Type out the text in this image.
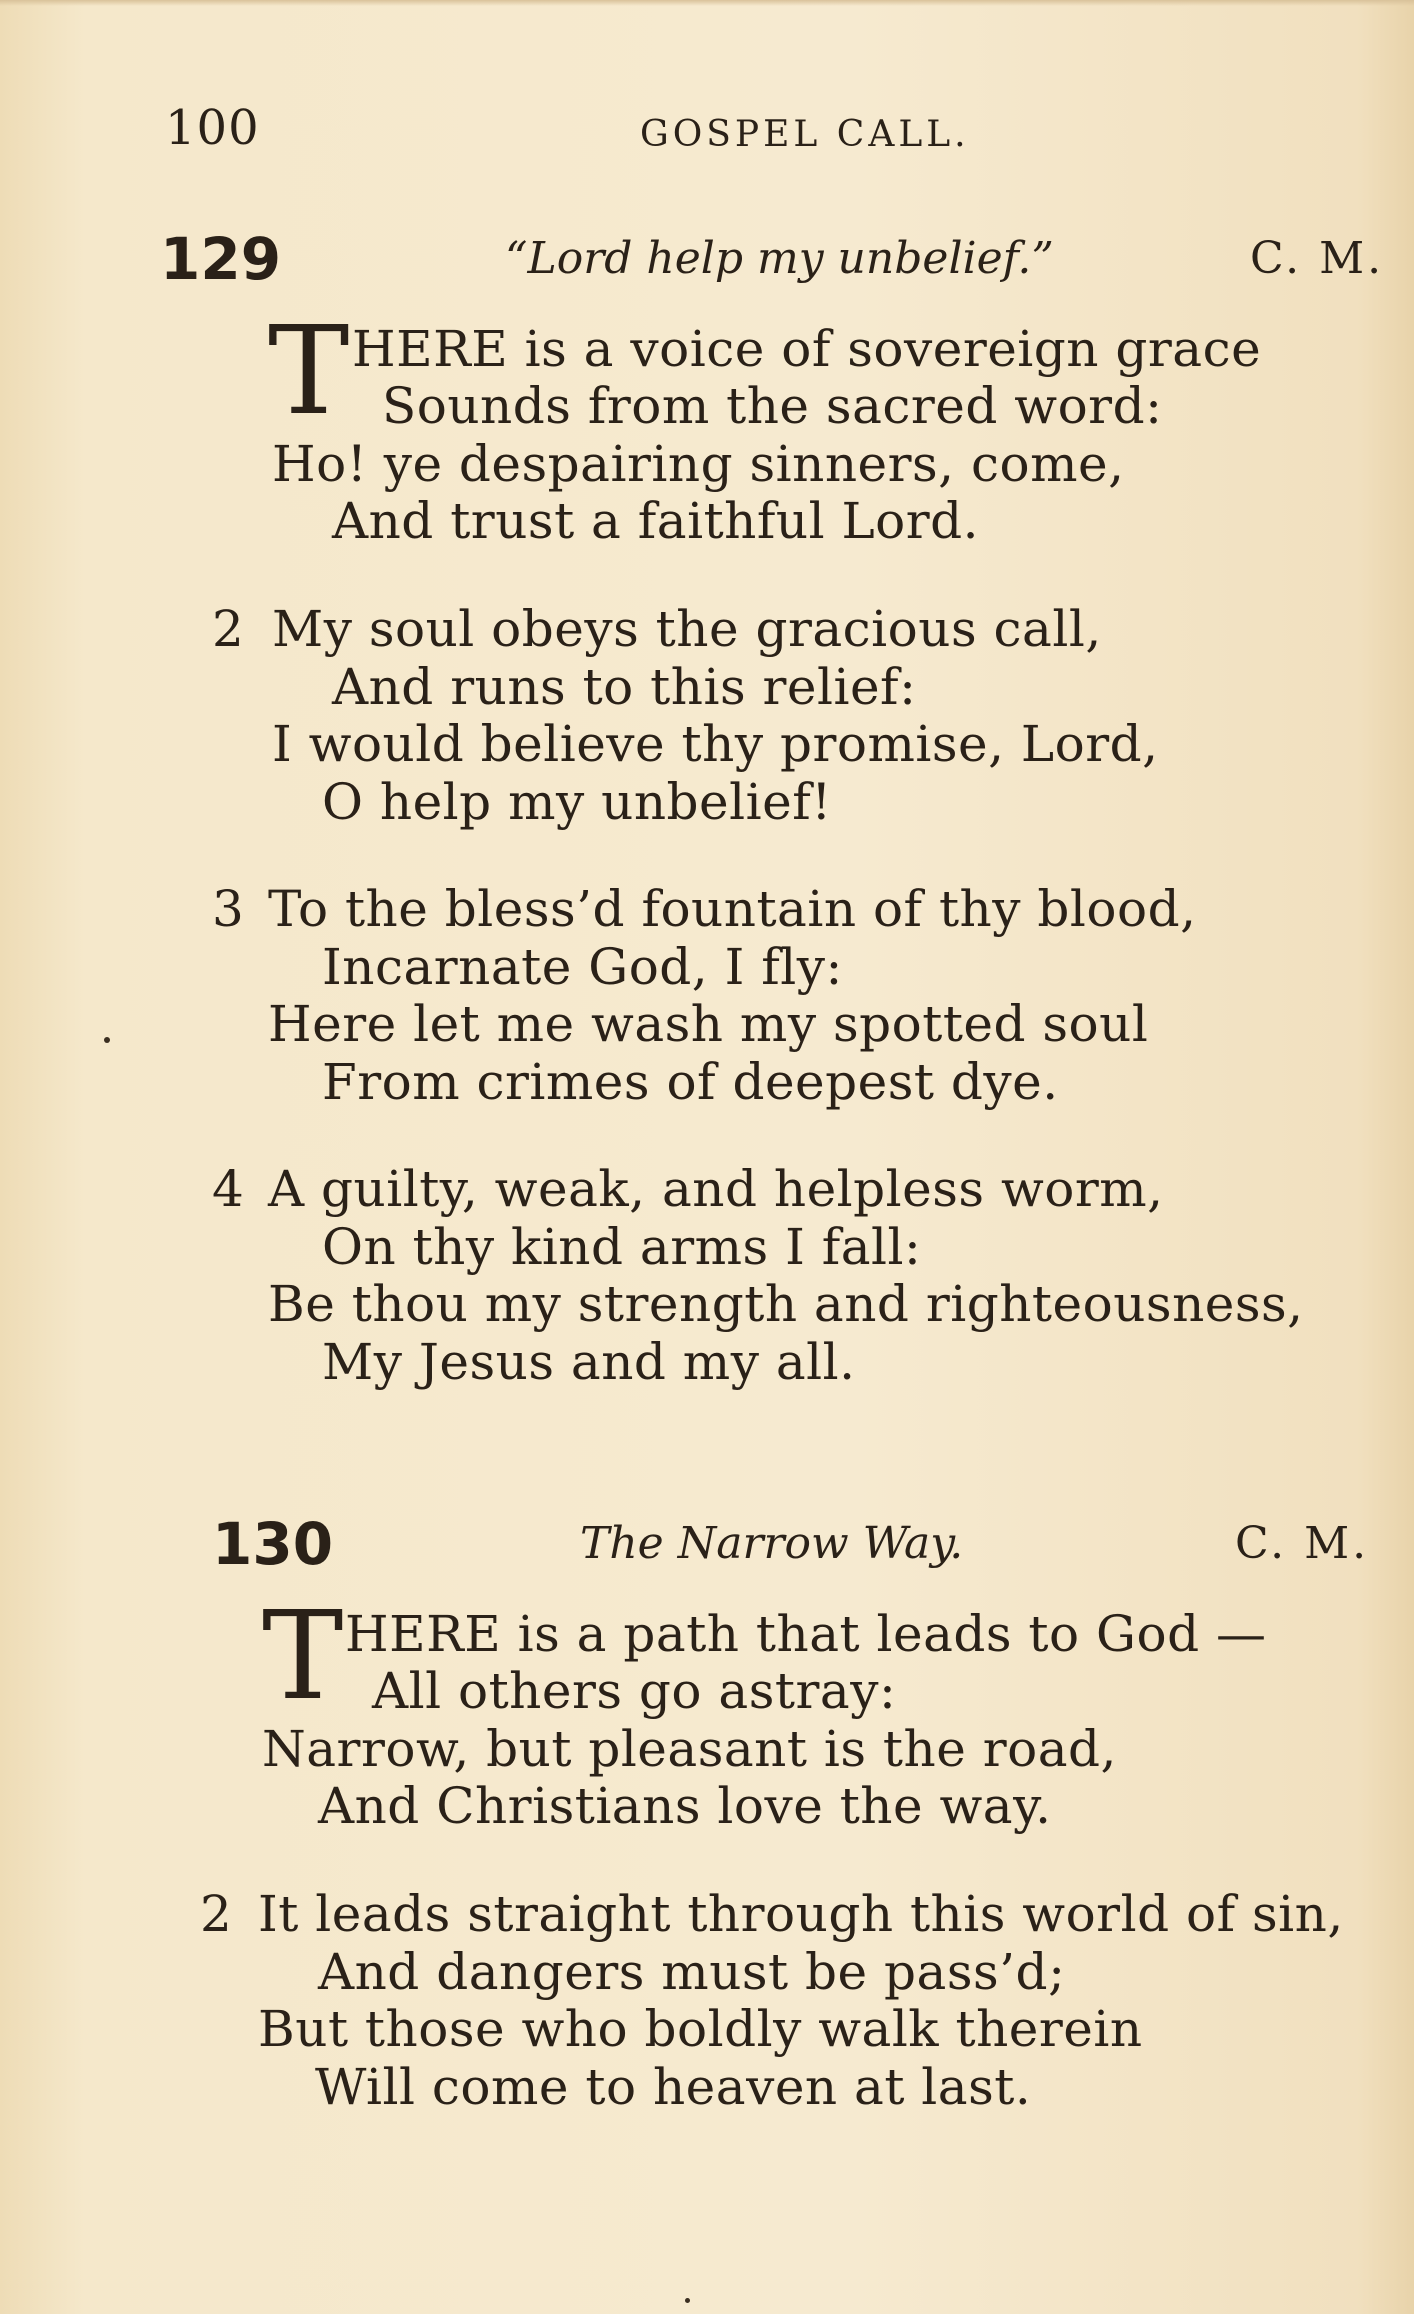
100	GOSPEL CALL.
129	“Lord help my unbelief.”	C. M.
T HERE is a voice of sovereign grace
Sounds from the sacred word:
Ho! ye despairing sinners, come,
And trust a faithful Lord.
2 My soul obeys the gracious call,
And runs to this relief:
I would believe thy promise, Lord,
O help my unbelief!
3 To the bless’d fountain of thy blood,
Incarnate God, I fly:
Here let me wash my spotted soul
From crimes of deepest dye.
4 A guilty, weak, and helpless worm,
On thy kind arms I fall:
Be thou my strength and righteousness,
My Jesus and my all.
130	The Narrow Way.	C. M.
T HERE is a path that leads to God —
All others go astray:
Narrow, but pleasant is the road,
And Christians love the way.
2 It leads straight through this world of sin,
And dangers must be pass’d;
But those who boldly walk therein
Will come to heaven at last.
